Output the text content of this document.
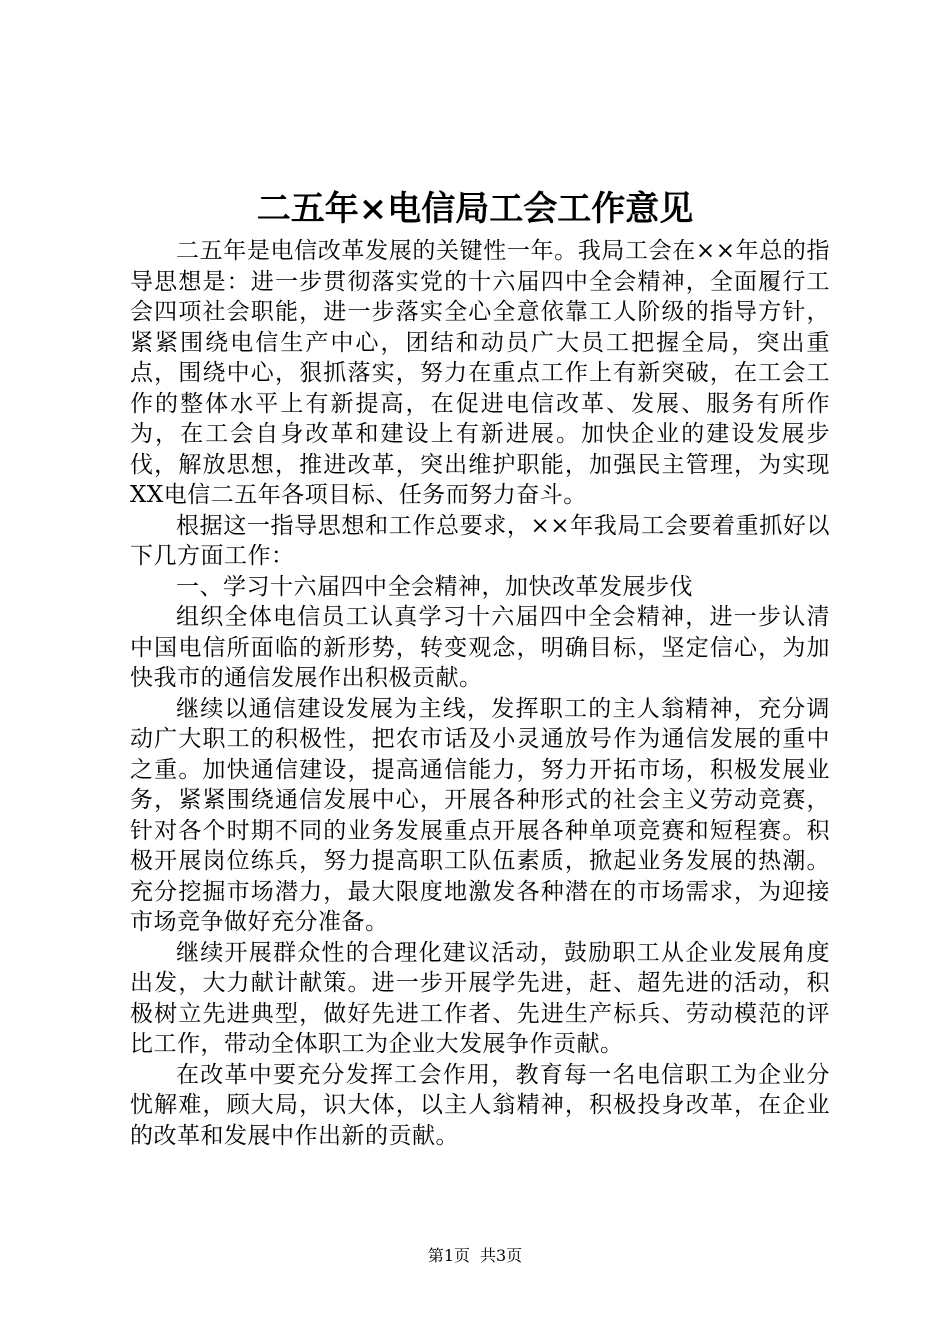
二五年×电信局工会工作意见

二五年是电信改革发展的关键性一年。我局工会在××年总的指导思想是：进一步贯彻落实党的十六届四中全会精神，全面履行工会四项社会职能，进一步落实全心全意依靠工人阶级的指导方针，紧紧围绕电信生产中心，团结和动员广大员工把握全局，突出重点，围绕中心，狠抓落实，努力在重点工作上有新突破，在工会工作的整体水平上有新提高，在促进电信改革、发展、服务有所作为，在工会自身改革和建设上有新进展。加快企业的建设发展步伐，解放思想，推进改革，突出维护职能，加强民主管理，为实现XX电信二五年各项目标、任务而努力奋斗。

根据这一指导思想和工作总要求，××年我局工会要着重抓好以下几方面工作：

一、学习十六届四中全会精神，加快改革发展步伐

组织全体电信员工认真学习十六届四中全会精神，进一步认清中国电信所面临的新形势，转变观念，明确目标，坚定信心，为加快我市的通信发展作出积极贡献。

继续以通信建设发展为主线，发挥职工的主人翁精神，充分调动广大职工的积极性，把农市话及小灵通放号作为通信发展的重中之重。加快通信建设，提高通信能力，努力开拓市场，积极发展业务，紧紧围绕通信发展中心，开展各种形式的社会主义劳动竞赛，针对各个时期不同的业务发展重点开展各种单项竞赛和短程赛。积极开展岗位练兵，努力提高职工队伍素质，掀起业务发展的热潮。充分挖掘市场潜力，最大限度地激发各种潜在的市场需求，为迎接市场竞争做好充分准备。

继续开展群众性的合理化建议活动，鼓励职工从企业发展角度出发，大力献计献策。进一步开展学先进，赶、超先进的活动，积极树立先进典型，做好先进工作者、先进生产标兵、劳动模范的评比工作，带动全体职工为企业大发展争作贡献。

在改革中要充分发挥工会作用，教育每一名电信职工为企业分忧解难，顾大局，识大体，以主人翁精神，积极投身改革，在企业的改革和发展中作出新的贡献。

第1页 共3页
